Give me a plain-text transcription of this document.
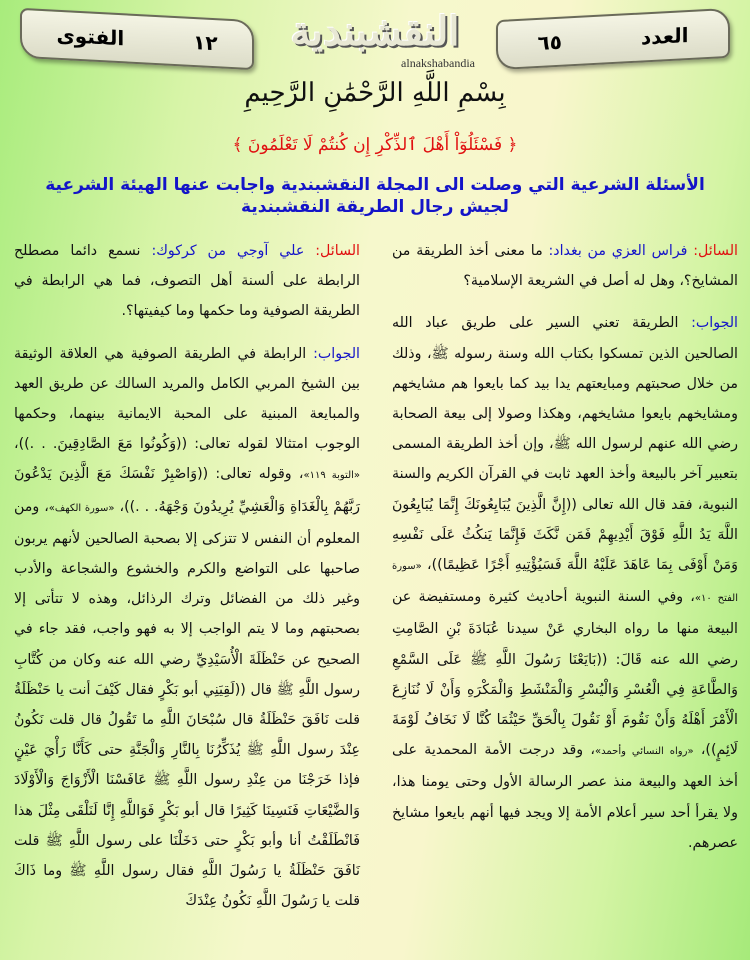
العدد
٦٥
النقشبندية
alnakshabandia
١٢
الفتوى
بِسْمِ اللَّهِ الرَّحْمَٰنِ الرَّحِيمِ
﴿ فَسْئَلُوٓاْ أَهْلَ ٱلذِّكْرِ إِن كُنتُمْ لَا تَعْلَمُونَ ﴾
الأسئلة الشرعية التي وصلت الى المجلة النقشبندية واجابت عنها الهيئة الشرعية لجيش رجال الطريقة النقشبندية

السائل: فراس العزي من بغداد: ما معنى أخذ الطريقة من المشايخ؟، وهل له أصل في الشريعة الإسلامية؟

الجواب: الطريقة تعني السير على طريق عباد الله الصالحين الذين تمسكوا بكتاب الله وسنة رسوله ﷺ، وذلك من خلال صحبتهم ومبايعتهم يدا بيد كما بايعوا هم مشايخهم ومشايخهم بايعوا مشايخهم، وهكذا وصولا إلى بيعة الصحابة رضي الله عنهم لرسول الله ﷺ، وإن أخذ الطريقة المسمى بتعبير آخر بالبيعة وأخذ العهد ثابت في القرآن الكريم والسنة النبوية، فقد قال الله تعالى ((إِنَّ الَّذِينَ يُبَايِعُونَكَ إِنَّمَا يُبَايِعُونَ اللَّهَ يَدُ اللَّهِ فَوْقَ أَيْدِيهِمْ فَمَن نَّكَثَ فَإِنَّمَا يَنكُثُ عَلَى نَفْسِهِ وَمَنْ أَوْفَى بِمَا عَاهَدَ عَلَيْهُ اللَّهَ فَسَيُؤْتِيهِ أَجْرًا عَظِيمًا))، «سورة الفتح ١٠»، وفي السنة النبوية أحاديث كثيرة ومستفيضة عن البيعة منها ما رواه البخاري عَنْ سيدنا عُبَادَةَ بْنِ الصَّامِتِ رضي الله عنه قَالَ: ((بَايَعْنَا رَسُولَ اللَّهِ ﷺ عَلَى السَّمْعِ وَالطَّاعَةِ فِي الْعُسْرِ وَالْيُسْرِ وَالْمَنْشَطِ وَالْمَكْرَهِ وَأَنْ لَا نُنَازِعَ الْأَمْرَ أَهْلَهُ وَأَنْ نَقُومَ أَوْ نَقُولَ بِالْحَقِّ حَيْثُمَا كُنَّا لَا نَخَافُ لَوْمَةَ لَائِمٍ))، «رواه النسائي وأحمد»، وقد درجت الأمة المحمدية على أخذ العهد والبيعة منذ عصر الرسالة الأول وحتى يومنا هذا، ولا يقرأ أحد سير أعلام الأمة إلا ويجد فيها أنهم بايعوا مشايخ عصرهم.

السائل: علي آوجي من كركوك: نسمع دائما مصطلح الرابطة على ألسنة أهل التصوف، فما هي الرابطة في الطريقة الصوفية وما حكمها وما كيفيتها؟.

الجواب: الرابطة في الطريقة الصوفية هي العلاقة الوثيقة بين الشيخ المربي الكامل والمريد السالك عن طريق العهد والمبايعة المبنية على المحبة الايمانية بينهما، وحكمها الوجوب امتثالا لقوله تعالى: ((وَكُونُوا مَعَ الصَّادِقِينَ. . .))، «التوبة ١١٩»، وقوله تعالى: ((وَاصْبِرْ نَفْسَكَ مَعَ الَّذِينَ يَدْعُونَ رَبَّهُمْ بِالْغَدَاةِ وَالْعَشِيِّ يُرِيدُونَ وَجْهَهُ. . .))، «سورة الكهف»، ومن المعلوم أن النفس لا تتزكى إلا بصحبة الصالحين لأنهم يربون صاحبها على التواضع والكرم والخشوع والشجاعة والأدب وغير ذلك من الفضائل وترك الرذائل، وهذه لا تتأتى إلا بصحبتهم وما لا يتم الواجب إلا به فهو واجب، فقد جاء في الصحيح عن حَنْظَلَةَ الْأُسَيْدِيِّ رضي الله عنه وكان من كُتَّابِ رسول اللَّهِ ﷺ قال ((لَقِيَنِي أبو بَكْرٍ فقال كَيْفَ أنت يا حَنْظَلَةُ قلت نَافَقَ حَنْظَلَةُ قال سُبْحَانَ اللَّهِ ما تَقُولُ قال قلت نَكُونُ عِنْدَ رسول اللَّهِ ﷺ يُذَكِّرُنَا بِالنَّارِ وَالْجَنَّةِ حتى كَأَنَّا رَأْيَ عَيْنٍ فإذا خَرَجْنَا من عِنْدِ رسول اللَّهِ ﷺ عَافَسْنَا الْأَزْوَاجَ وَالْأَوْلَادَ وَالضَّيْعَاتِ فَنَسِينَا كَثِيرًا قال أبو بَكْرٍ فَوَاللَّهِ إِنَّا لَنَلْقَى مِثْلَ هذا فَانْطَلَقْتُ أنا وأبو بَكْرٍ حتى دَخَلْنَا على رسول اللَّهِ ﷺ قلت نَافَقَ حَنْظَلَةُ يا رَسُولَ اللَّهِ فقال رسول اللَّهِ ﷺ وما ذَاكَ قلت يا رَسُولَ اللَّهِ نَكُونُ عِنْدَكَ
